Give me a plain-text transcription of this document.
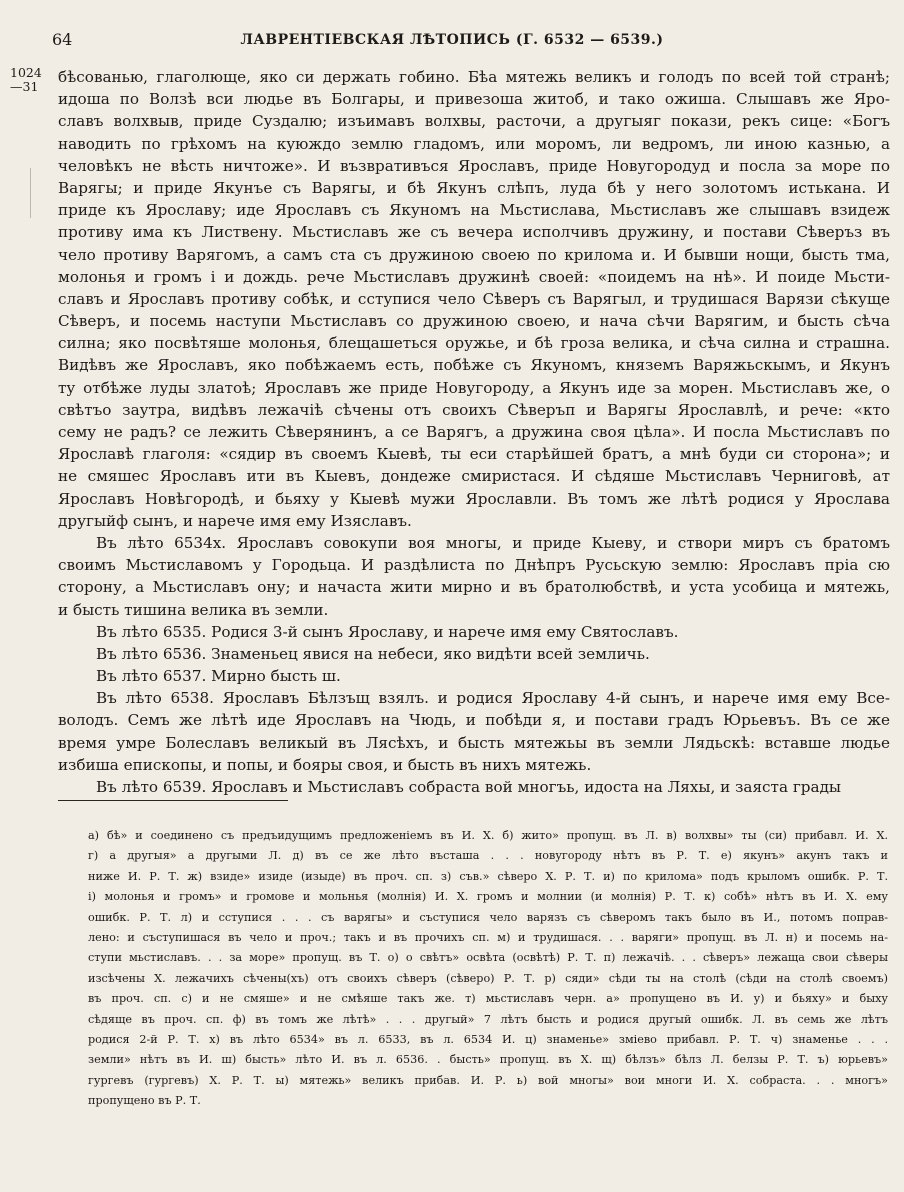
64	ЛАВРЕНТІЕВСКАЯ ЛѢТОПИСЬ (Г. 6532 — 6539.)
1024
—31
бѣсованью, глаголюще, яко си держать гобино. Бѣа мятежь великъ и голодъ по всей той странѣ;
идоша по Волзѣ вси людье въ Болгары, и привезоша житоб, и тако ожиша. Слышавъ же Яро-
славъ волхвыв, приде Суздалю; изъимавъ волхвы, расточи, а другыяг покази, рекъ сице: «Богъ
наводить по грѣхомъ на куюждо землю гладомъ, или моромъ, ли ведромъ, ли иною казнью, а
человѣкъ не вѣсть ничтоже». И възвративъся Ярославъ, приде Новугородуд и посла за море по
Варягы; и приде Якунъе съ Варягы, и бѣ Якунъ слѣпъ, луда бѣ у него золотомъ истькана. И
приде къ Ярославу; иде Ярославъ съ Якуномъ на Мьстислава, Мьстиславъ же слышавъ взидеж
противу има къ Листвену. Мьстиславъ же съ вечера исполчивъ дружину, и постави Сѣверъз въ
чело противу Варягомъ, а самъ ста съ дружиною своею по крилома и. И бывши нощи, бысть тма,
молонья и громъ і и дождь. рече Мьстиславъ дружинѣ своей: «поидемъ на нѣ». И поиде Мьсти-
славъ и Ярославъ противу собѣк, и сступися чело Сѣверъ съ Варягыл, и трудишася Варязи сѣкуще
Сѣверъ, и посемь наступи Мьстиславъ со дружиною своею, и нача сѣчи Варягим, и бысть сѣча
силна; яко посвѣтяше молонья, блещашеться оружье, и бѣ гроза велика, и сѣча силна и страшна.
Видѣвъ же Ярославъ, яко побѣжаемъ есть, побѣже съ Якуномъ, княземъ Варяжьскымъ, и Якунъ
ту отбѣже луды златоѣ; Ярославъ же приде Новугороду, а Якунъ иде за морен. Мьстиславъ же, о
свѣтъо заутра, видѣвъ лежачіѣ сѣчены отъ своихъ Сѣверъп и Варягы Ярославлѣ, и рече: «кто
сему не радъ? се лежить Сѣверянинъ, а се Варягъ, а дружина своя цѣла». И посла Мьстиславъ по
Ярославѣ глаголя: «сядир въ своемъ Кыевѣ, ты еси старѣйшей братъ, а мнѣ буди си сторона»; и
не смяшес Ярославъ ити въ Кыевъ, дондеже смиристася. И сѣдяше Мьстиславъ Черниговѣ, ат
Ярославъ Новѣгородѣ, и бьяху у Кыевѣ мужи Ярославли. Въ томъ же лѣтѣ родися у Ярослава
другыйф сынъ, и нарече имя ему Изяславъ.
Въ лѣто 6534х. Ярославъ совокупи воя многы, и приде Кыеву, и створи миръ съ братомъ
своимъ Мьстиславомъ у Городьца. И раздѣлиста по Днѣпръ Русьскую землю: Ярославъ пріа сю
сторону, а Мьстиславъ ону; и начаста жити мирно и въ братолюбствѣ, и уста усобица и мятежь,
и бысть тишина велика въ земли.
Въ лѣто 6535. Родися 3-й сынъ Ярославу, и нарече имя ему Святославъ.
Въ лѣто 6536. Знаменьец явися на небеси, яко видѣти всей земличь.
Въ лѣто 6537. Мирно бысть ш.
Въ лѣто 6538. Ярославъ Бѣлзъщ взялъ. и родися Ярославу 4-й сынъ, и нарече имя ему Все-
володъ. Семъ же лѣтѣ иде Ярославъ на Чюдь, и побѣди я, и постави градъ Юрьевъъ. Въ се же
время умре Болеславъ великый въ Лясѣхъ, и бысть мятежьы въ земли Лядьскѣ: вставше людье
избиша епископы, и попы, и бояры своя, и бысть въ нихъ мятежь.
Въ лѣто 6539. Ярославъ и Мьстиславъ собраста вой многъь, идоста на Ляхы, и заяста грады
а) бѣ» и соединено съ предъидущимъ предложеніемъ въ И. Х. б) жито» пропущ. въ Л. в) волхвы» ты (си) прибавл. И. Х.
г) а другыя» а другыми Л. д) въ се же лѣто въсташа . . . новугороду нѣтъ въ Р. Т. е) якунъ» акунъ такъ и
ниже И. Р. Т. ж) взиде» изиде (изыде) въ проч. сп. з) съв.» сѣверо Х. Р. Т. и) по крилома» подъ крыломъ ошибк. Р. Т.
і) молонья и громъ» и громове и мольнья (молнія) И. Х. громъ и молнии (и молнія) Р. Т. к) собѣ» нѣтъ въ И. Х. ему
ошибк. Р. Т. л) и сступися . . . съ варягы» и съступися чело варязъ съ сѣверомъ такъ было въ И., потомъ поправ-
лено: и съступишася въ чело и проч.; такъ и въ прочихъ сп. м) и трудишася. . . варяги» пропущ. въ Л. н) и посемь на-
ступи мьстиславъ. . . за море» пропущ. въ Т. о) о свѣтъ» освѣта (освѣтѣ) Р. Т. п) лежачіѣ. . . сѣверъ» лежаща свои сѣверы
изсѣчены Х. лежачихъ сѣчены(хъ) отъ своихъ сѣверъ (сѣверо) Р. Т. р) сяди» сѣди ты на столѣ (сѣди на столѣ своемъ)
въ проч. сп. с) и не смяше» и не смѣяше такъ же. т) мьстиславъ черн. а» пропущено въ И. у) и бьяху» и быху
сѣдяще въ проч. сп. ф) въ томъ же лѣтѣ» . . . другый» 7 лѣтъ бысть и родися другый ошибк. Л. въ семь же лѣтъ
родися 2-й Р. Т. х) въ лѣто 6534» въ л. 6533, въ л. 6534 И. ц) знаменье» зміево прибавл. Р. Т. ч) знаменье . . .
земли» нѣтъ въ И. ш) бысть» лѣто И. въ л. 6536. . бысть» пропущ. въ Х. щ) бѣлзъ» бѣлз Л. белзы Р. Т. ъ) юрьевъ»
гургевъ (гургевъ) Х. Р. Т. ы) мятежь» великъ прибав. И. Р. ь) вой многы» вои многи И. Х. собраста. . . многъ»
пропущено въ Р. Т.
